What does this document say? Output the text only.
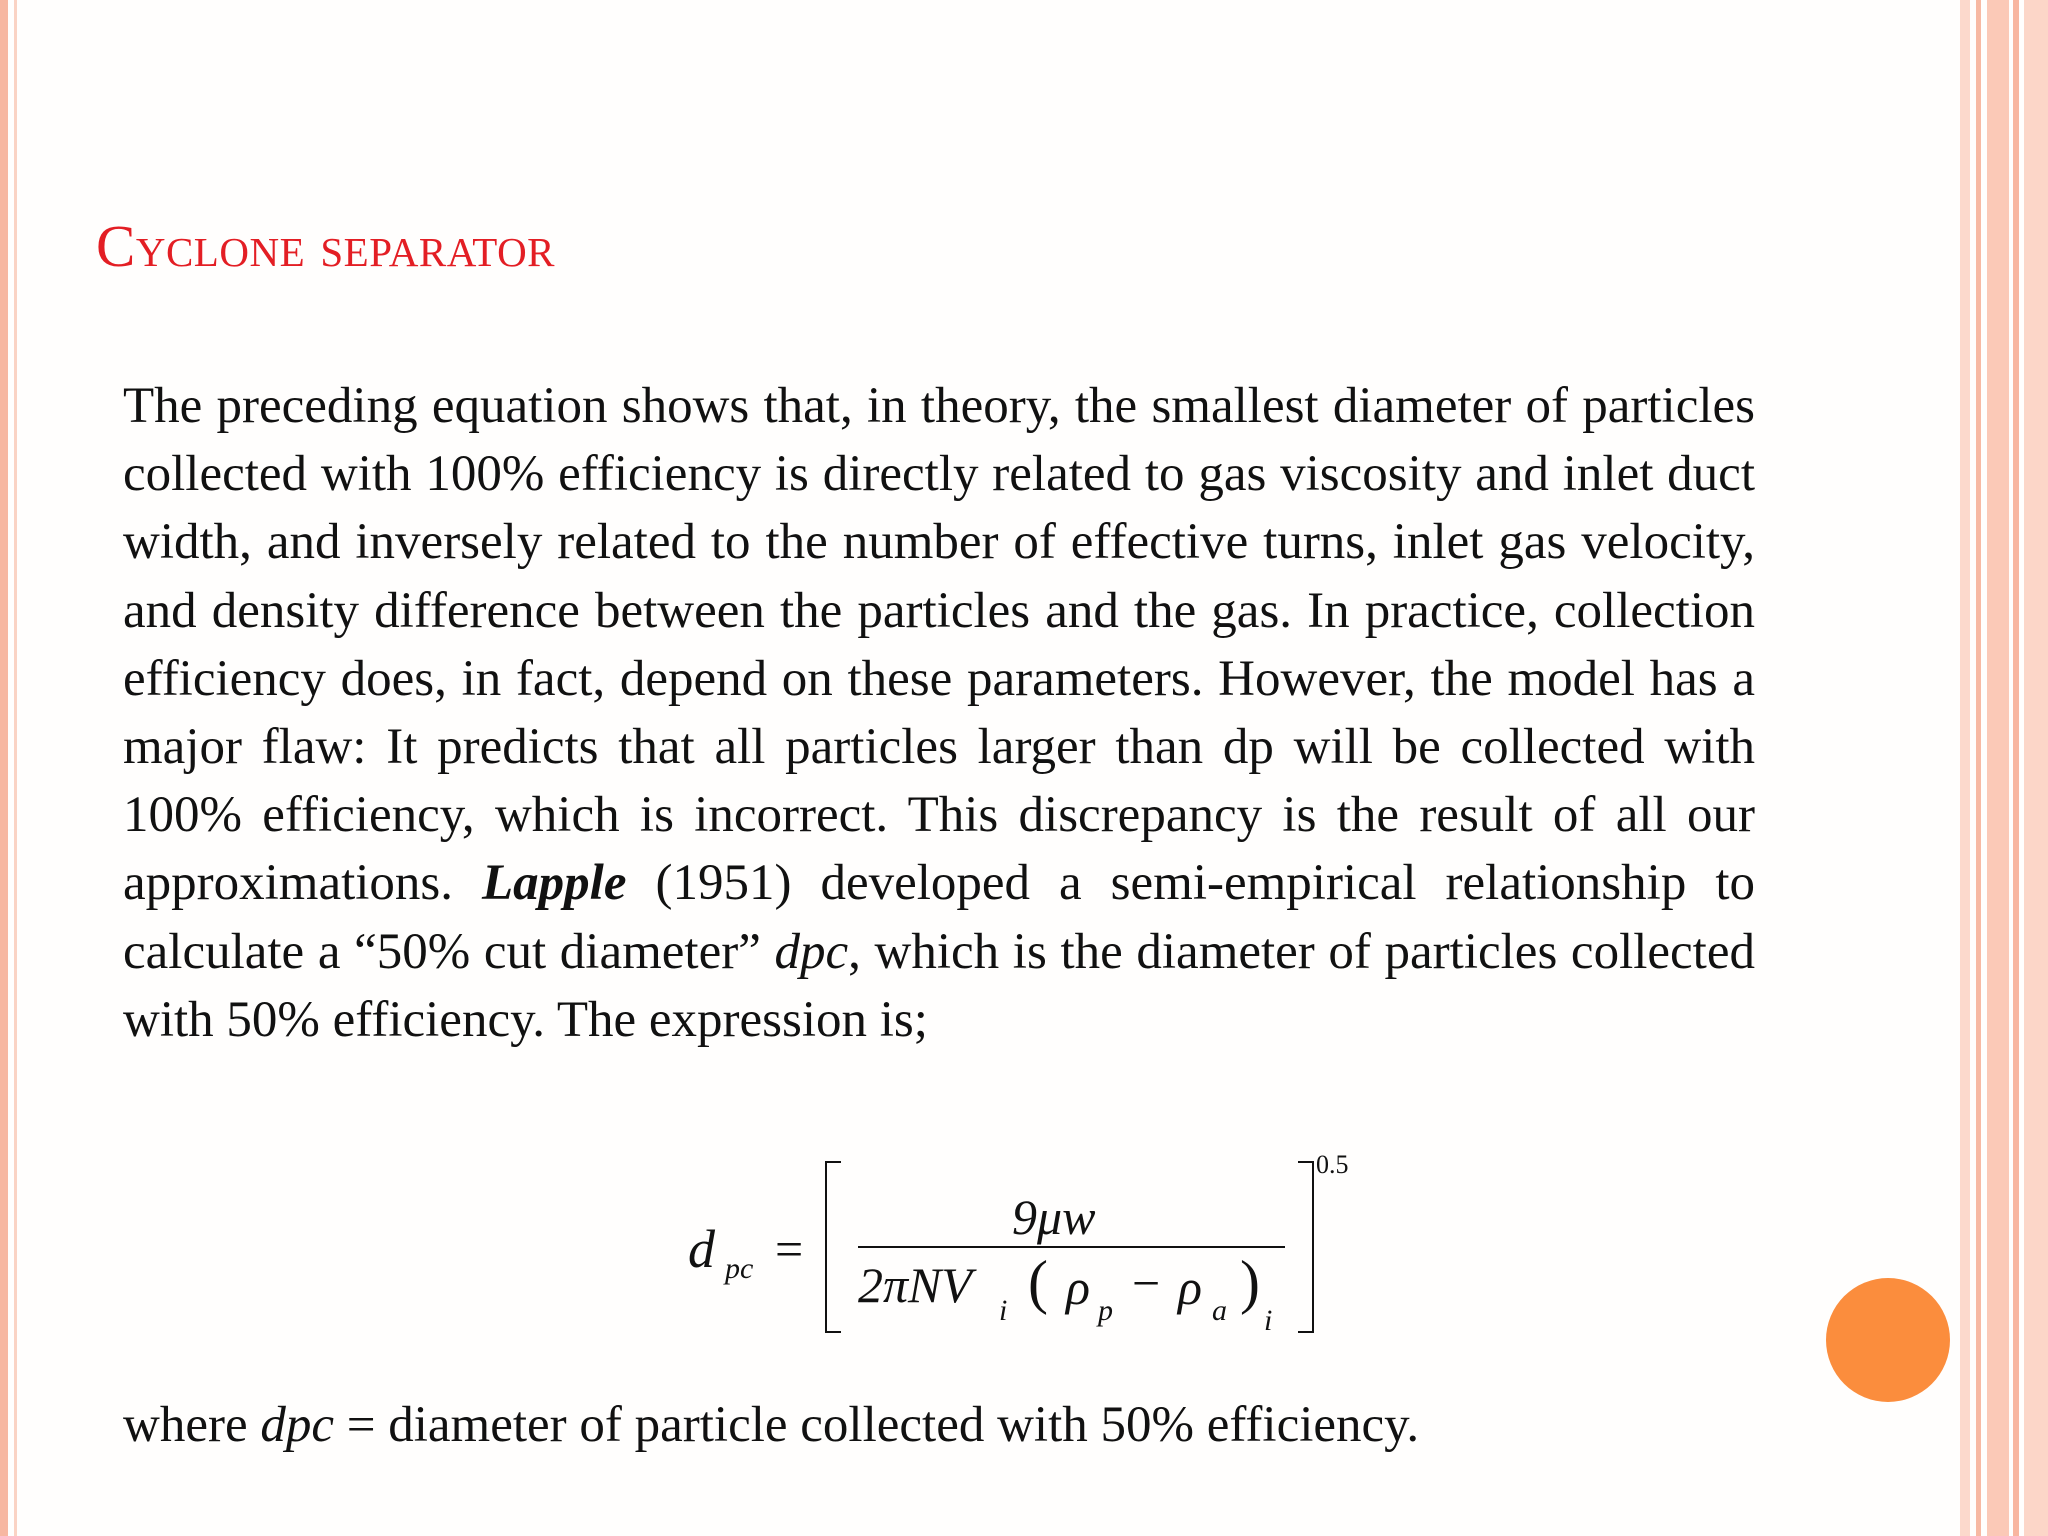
Cyclone separator

The preceding equation shows that, in theory, the smallest diameter of particles collected with 100% efficiency is directly related to gas viscosity and inlet duct width, and inversely related to the number of effective turns, inlet gas velocity, and density difference between the particles and the gas. In practice, collection efficiency does, in fact, depend on these parameters. However, the model has a major flaw: It predicts that all particles larger than dp will be collected with 100% efficiency, which is incorrect. This discrepancy is the result of all our approximations. Lapple (1951) developed a semi-empirical relationship to calculate a “50% cut diameter” dpc, which is the diameter of particles collected with 50% efficiency. The expression is;

d pc =
9μw
2πNV i ( ρ p − ρ a )
i
0.5

where dpc = diameter of particle collected with 50% efficiency.
